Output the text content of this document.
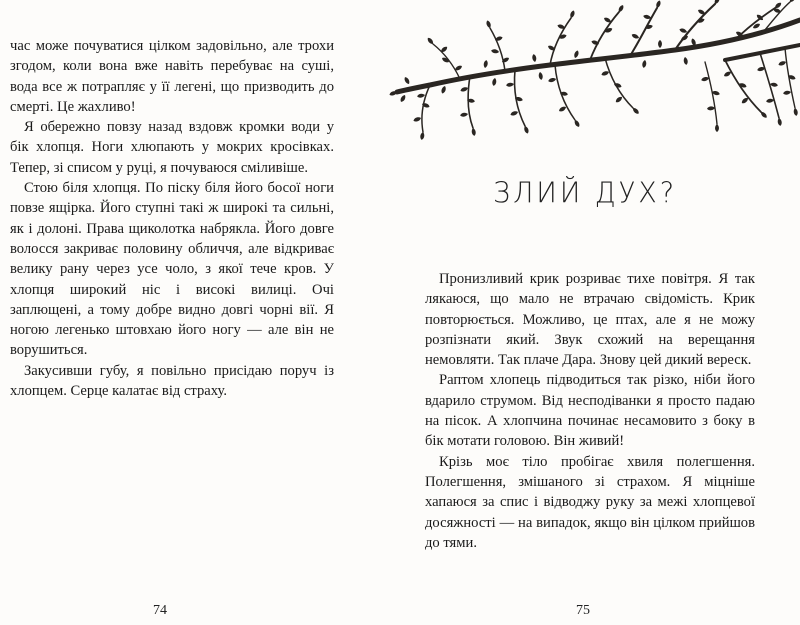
час може почуватися цілком задовільно, але трохи згодом, коли вона вже навіть перебуває на суші, вода все ж потрапляє у її легені, що призводить до смерті. Це жахливо!

Я обережно повзу назад вздовж кромки води у бік хлопця. Ноги хлюпають у мокрих кросівках. Тепер, зі списом у руці, я почуваюся сміливіше.

Стою біля хлопця. По піску біля його босої ноги повзе ящірка. Його ступні такі ж широкі та сильні, як і долоні. Права щиколотка набрякла. Його довге волосся закриває половину обличчя, але відкриває велику рану через усе чоло, з якої тече кров. У хлопця широкий ніс і високі вилиці. Очі заплющені, а тому добре видно довгі чорні вії. Я ногою легенько штовхаю його ногу — але він не ворушиться.

Закусивши губу, я повільно присідаю поруч із хлопцем. Серце калатає від страху.

74
ЗЛИЙ ДУХ?

Пронизливий крик розриває тихе повітря. Я так лякаюся, що мало не втрачаю свідомість. Крик повторюється. Можливо, це птах, але я не можу розпізнати який. Звук схожий на верещання немовляти. Так плаче Дара. Знову цей дикий вереск.

Раптом хлопець підводиться так різко, ніби його вдарило струмом. Від несподіванки я просто падаю на пісок. А хлопчина починає несамовито з боку в бік мотати головою. Він живий!

Крізь моє тіло пробігає хвиля полегшення. Полегшення, змішаного зі страхом. Я міцніше хапаюся за спис і відводжу руку за межі хлопцевої досяжності — на випадок, якщо він цілком прийшов до тями.

75
